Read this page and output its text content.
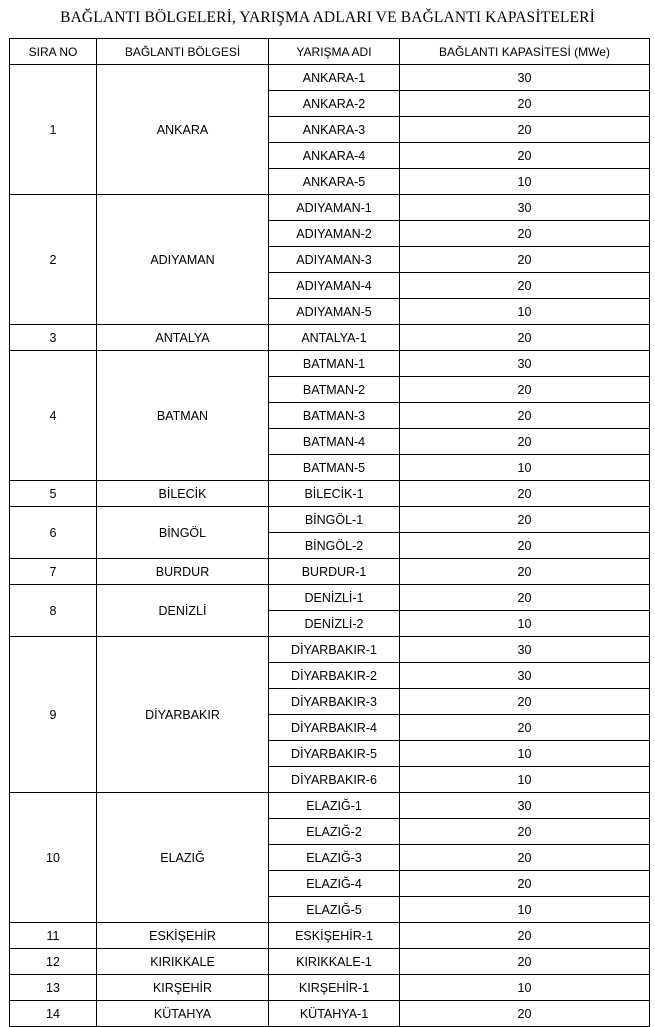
BAĞLANTI BÖLGELERİ, YARIŞMA ADLARI VE BAĞLANTI KAPASİTELERİ
SIRA NO	BAĞLANTI BÖLGESİ	YARIŞMA ADI	BAĞLANTI KAPASİTESİ (MWe)
1	ANKARA	ANKARA-1	30
		ANKARA-2	20
		ANKARA-3	20
		ANKARA-4	20
		ANKARA-5	10
2	ADIYAMAN	ADIYAMAN-1	30
		ADIYAMAN-2	20
		ADIYAMAN-3	20
		ADIYAMAN-4	20
		ADIYAMAN-5	10
3	ANTALYA	ANTALYA-1	20
4	BATMAN	BATMAN-1	30
		BATMAN-2	20
		BATMAN-3	20
		BATMAN-4	20
		BATMAN-5	10
5	BİLECİK	BİLECİK-1	20
6	BİNGÖL	BİNGÖL-1	20
		BİNGÖL-2	20
7	BURDUR	BURDUR-1	20
8	DENİZLİ	DENİZLİ-1	20
		DENİZLİ-2	10
9	DİYARBAKIR	DİYARBAKIR-1	30
		DİYARBAKIR-2	30
		DİYARBAKIR-3	20
		DİYARBAKIR-4	20
		DİYARBAKIR-5	10
		DİYARBAKIR-6	10
10	ELAZIĞ	ELAZIĞ-1	30
		ELAZIĞ-2	20
		ELAZIĞ-3	20
		ELAZIĞ-4	20
		ELAZIĞ-5	10
11	ESKİŞEHİR	ESKİŞEHİR-1	20
12	KIRIKKALE	KIRIKKALE-1	20
13	KIRŞEHİR	KIRŞEHİR-1	10
14	KÜTAHYA	KÜTAHYA-1	20
